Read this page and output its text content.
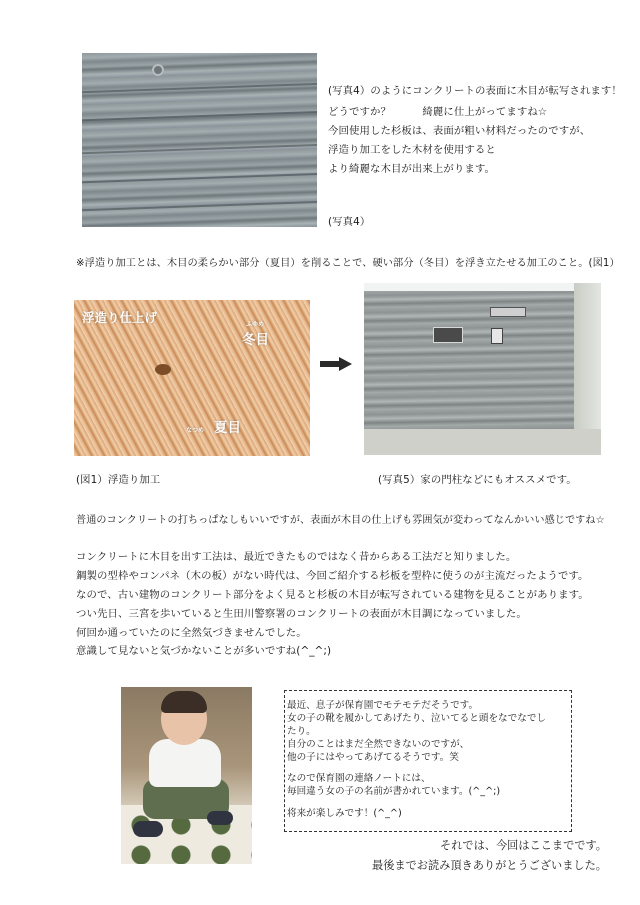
(写真4）のようにコンクリートの表面に木目が転写されます！
どうですか？　　　綺麗に仕上がってますね☆
今回使用した杉板は、表面が粗い材料だったのですが、
浮造り加工をした木材を使用すると
より綺麗な木目が出来上がります。
(写真4）
※浮造り加工とは、木目の柔らかい部分（夏目）を削ることで、硬い部分（冬目）を浮き立たせる加工のこと。(図1）
浮造り仕上げ	ふゆめ
冬目
なつめ 夏目
(図1）浮造り加工	(写真5）家の門柱などにもオススメです。
普通のコンクリートの打ちっぱなしもいいですが、表面が木目の仕上げも雰囲気が変わってなんかいい感じですね☆
コンクリートに木目を出す工法は、最近できたものではなく昔からある工法だと知りました。
鋼製の型枠やコンパネ（木の板）がない時代は、今回ご紹介する杉板を型枠に使うのが主流だったようです。
なので、古い建物のコンクリート部分をよく見ると杉板の木目が転写されている建物を見ることがあります。
つい先日、三宮を歩いていると生田川警察署のコンクリートの表面が木目調になっていました。
何回か通っていたのに全然気づきませんでした。
意識して見ないと気づかないことが多いですね(^_^;)
最近、息子が保育園でモテモテだそうです。
女の子の靴を履かしてあげたり、泣いてると頭をなでなでし
たり。
自分のことはまだ全然できないのですが、
他の子にはやってあげてるそうです。笑
なので保育園の連絡ノートには、
毎回違う女の子の名前が書かれています。(^_^;)
将来が楽しみです！(^_^)
それでは、今回はここまでです。
最後までお読み頂きありがとうございました。
